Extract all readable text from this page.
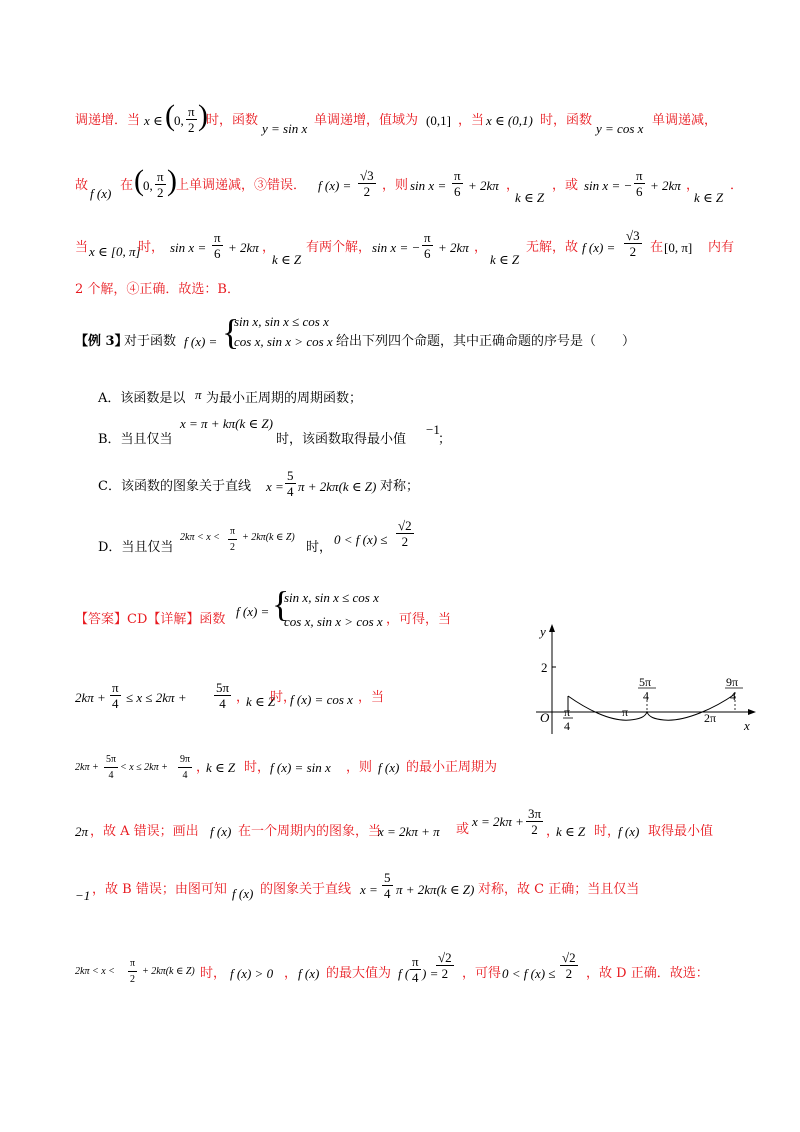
调递增．当 x ∈ ( 0, $\frac{\pi}{2}$ )
时，函数
y = sin x
单调递增，值域为 (0,1] ，当 x ∈ (0,1) 时，函数
y = cos x
单调递减，
故
f (x)
在 ( 0, $\frac{\pi}{2}$ ) 上单调递减，③错误． f $(x) = \frac{√3}{2}$ ，则 $\sin x = \frac{\pi}{6} + 2k\pi$ ，
k ∈ Z
，或 sin x = − $\frac{\pi}{6} + 2k\pi$ ，
k ∈ Z
．
当 x ∈ [0, π]
时， $\sin x = \frac{\pi}{6} + 2k\pi$ ，
k ∈ Z
有两个解， sin x = − $\frac{\pi}{6} + 2k\pi$ ，
k ∈ Z
无解，故 f $(x) = \frac{√3}{2}$ 在 [0, π] 内有
2 个解，④正确．故选：B．
【例 3】
对于函数 f (x) = {
sin x, sin x ≤ cos x
cos x, sin x > cos x 给出下列四个命题，其中正确命题的序号是（　　）
A．该函数是以 π 为最小正周期的周期函数；
B．当且仅当
x = π + kπ(k ∈ Z)
时，该函数取得最小值
−1
；
C．该函数的图象关于直线 $x = \frac{5}{4}$ π + 2kπ(k ∈ Z) 对称；
D．当且仅当
$2k\pi < x < \frac{\pi}{2} + 2k\pi(k$ ∈ Z)
时，
0 < f $(x) \le \frac{√2}{2}$
【答案】CD【详解】函数
f (x) = {
sin x, sin x ≤ cos x
cos x, sin x > cos x ，可得，当
$2k\pi + \frac{\pi}{4} \le x \le 2k\pi + \frac{5\pi}{4}$ ，
k ∈ Z
时，
f (x) = cos x ，当
$2k\pi + \frac{5\pi}{4} < x \le 2k\pi + \frac{9\pi}{4}$ ，
k ∈ Z 时， f (x) = sin x ，则 f (x) 的最小正周期为
2π ，故 A 错误；画出 f (x) 在一个周期内的图象，当
x = 2kπ + π 或
$x = 2k\pi + \frac{3\pi}{2}$ ，
k ∈ Z 时，
f (x) 取得最小值
−1 ，故 B 错误；由图可知 f (x) 的图象关于直线 $x = \frac{5}{4}$ π + 2kπ(k ∈ Z) 对称，故 C 正确；当且仅当
$2k\pi < x < \frac{\pi}{2} + 2k\pi(k$ ∈ Z) 时， f (x) > 0 ， f (x) 的最大值为 f ( $\frac{\pi}{4}$ ) =
$\frac{√2}{2}$ ，可得 0 < f $(x) \le \frac{√2}{2}$ ，故 D 正确．故选：
y
x
O
2
π
4
π
5π
4
2π
9π
4
